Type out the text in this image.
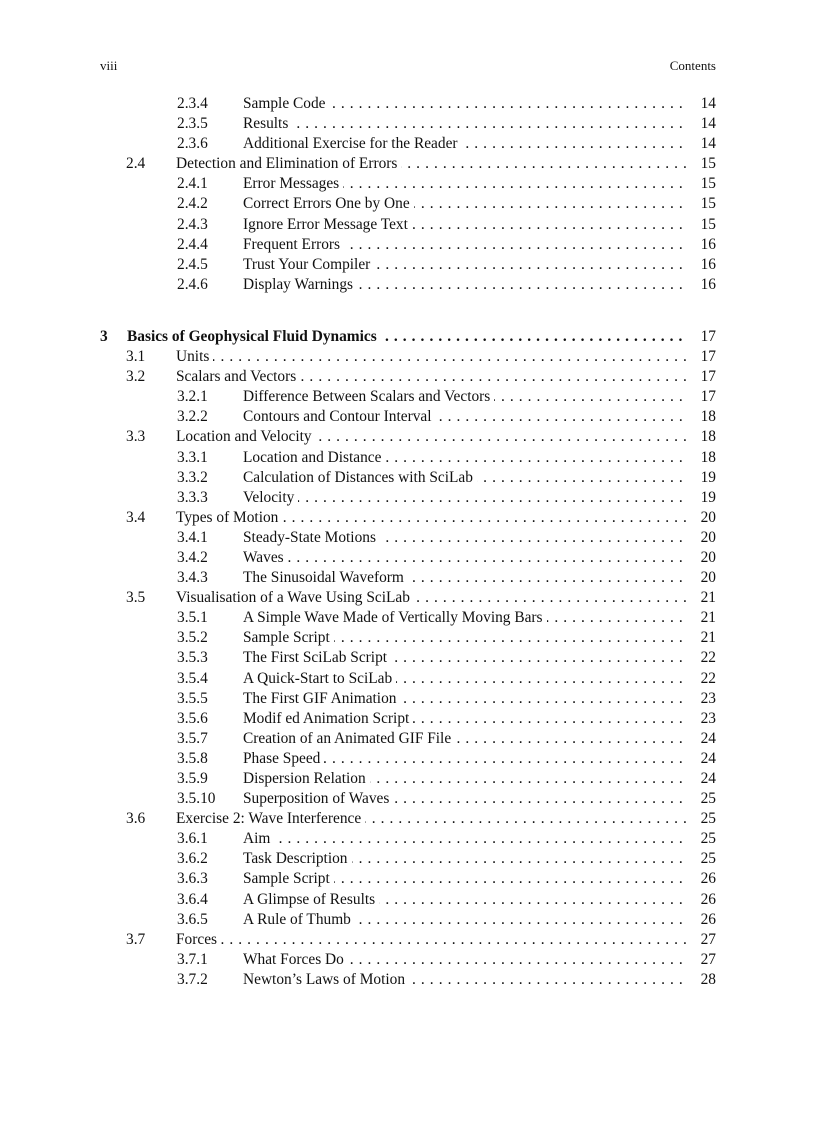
viii	Contents
2.3.4 Sample Code . . .	14
2.3.5 Results . . .	14
2.3.6 Additional Exercise for the Reader . . .	14
2.4 Detection and Elimination of Errors . . .	15
2.4.1 Error Messages . . .	15
2.4.2 Correct Errors One by One . . .	15
2.4.3 Ignore Error Message Text . . .	15
2.4.4 Frequent Errors . . .	16
2.4.5 Trust Your Compiler . . .	16
2.4.6 Display Warnings . . .	16
3 Basics of Geophysical Fluid Dynamics . . .	17
3.1 Units . . .	17
3.2 Scalars and Vectors . . .	17
3.2.1 Difference Between Scalars and Vectors . . .	17
3.2.2 Contours and Contour Interval . . .	18
3.3 Location and Velocity . . .	18
3.3.1 Location and Distance . . .	18
3.3.2 Calculation of Distances with SciLab . . .	19
3.3.3 Velocity . . .	19
3.4 Types of Motion . . .	20
3.4.1 Steady-State Motions . . .	20
3.4.2 Waves . . .	20
3.4.3 The Sinusoidal Waveform . . .	20
3.5 Visualisation of a Wave Using SciLab . . .	21
3.5.1 A Simple Wave Made of Vertically Moving Bars . . .	21
3.5.2 Sample Script . . .	21
3.5.3 The First SciLab Script . . .	22
3.5.4 A Quick-Start to SciLab . . .	22
3.5.5 The First GIF Animation . . .	23
3.5.6 Modif ed Animation Script . . .	23
3.5.7 Creation of an Animated GIF File . . .	24
3.5.8 Phase Speed . . .	24
3.5.9 Dispersion Relation . . .	24
3.5.10 Superposition of Waves . . .	25
3.6 Exercise 2: Wave Interference . . .	25
3.6.1 Aim . . .	25
3.6.2 Task Description . . .	25
3.6.3 Sample Script . . .	26
3.6.4 A Glimpse of Results . . .	26
3.6.5 A Rule of Thumb . . .	26
3.7 Forces . . .	27
3.7.1 What Forces Do . . .	27
3.7.2 Newton’s Laws of Motion . . .	28
